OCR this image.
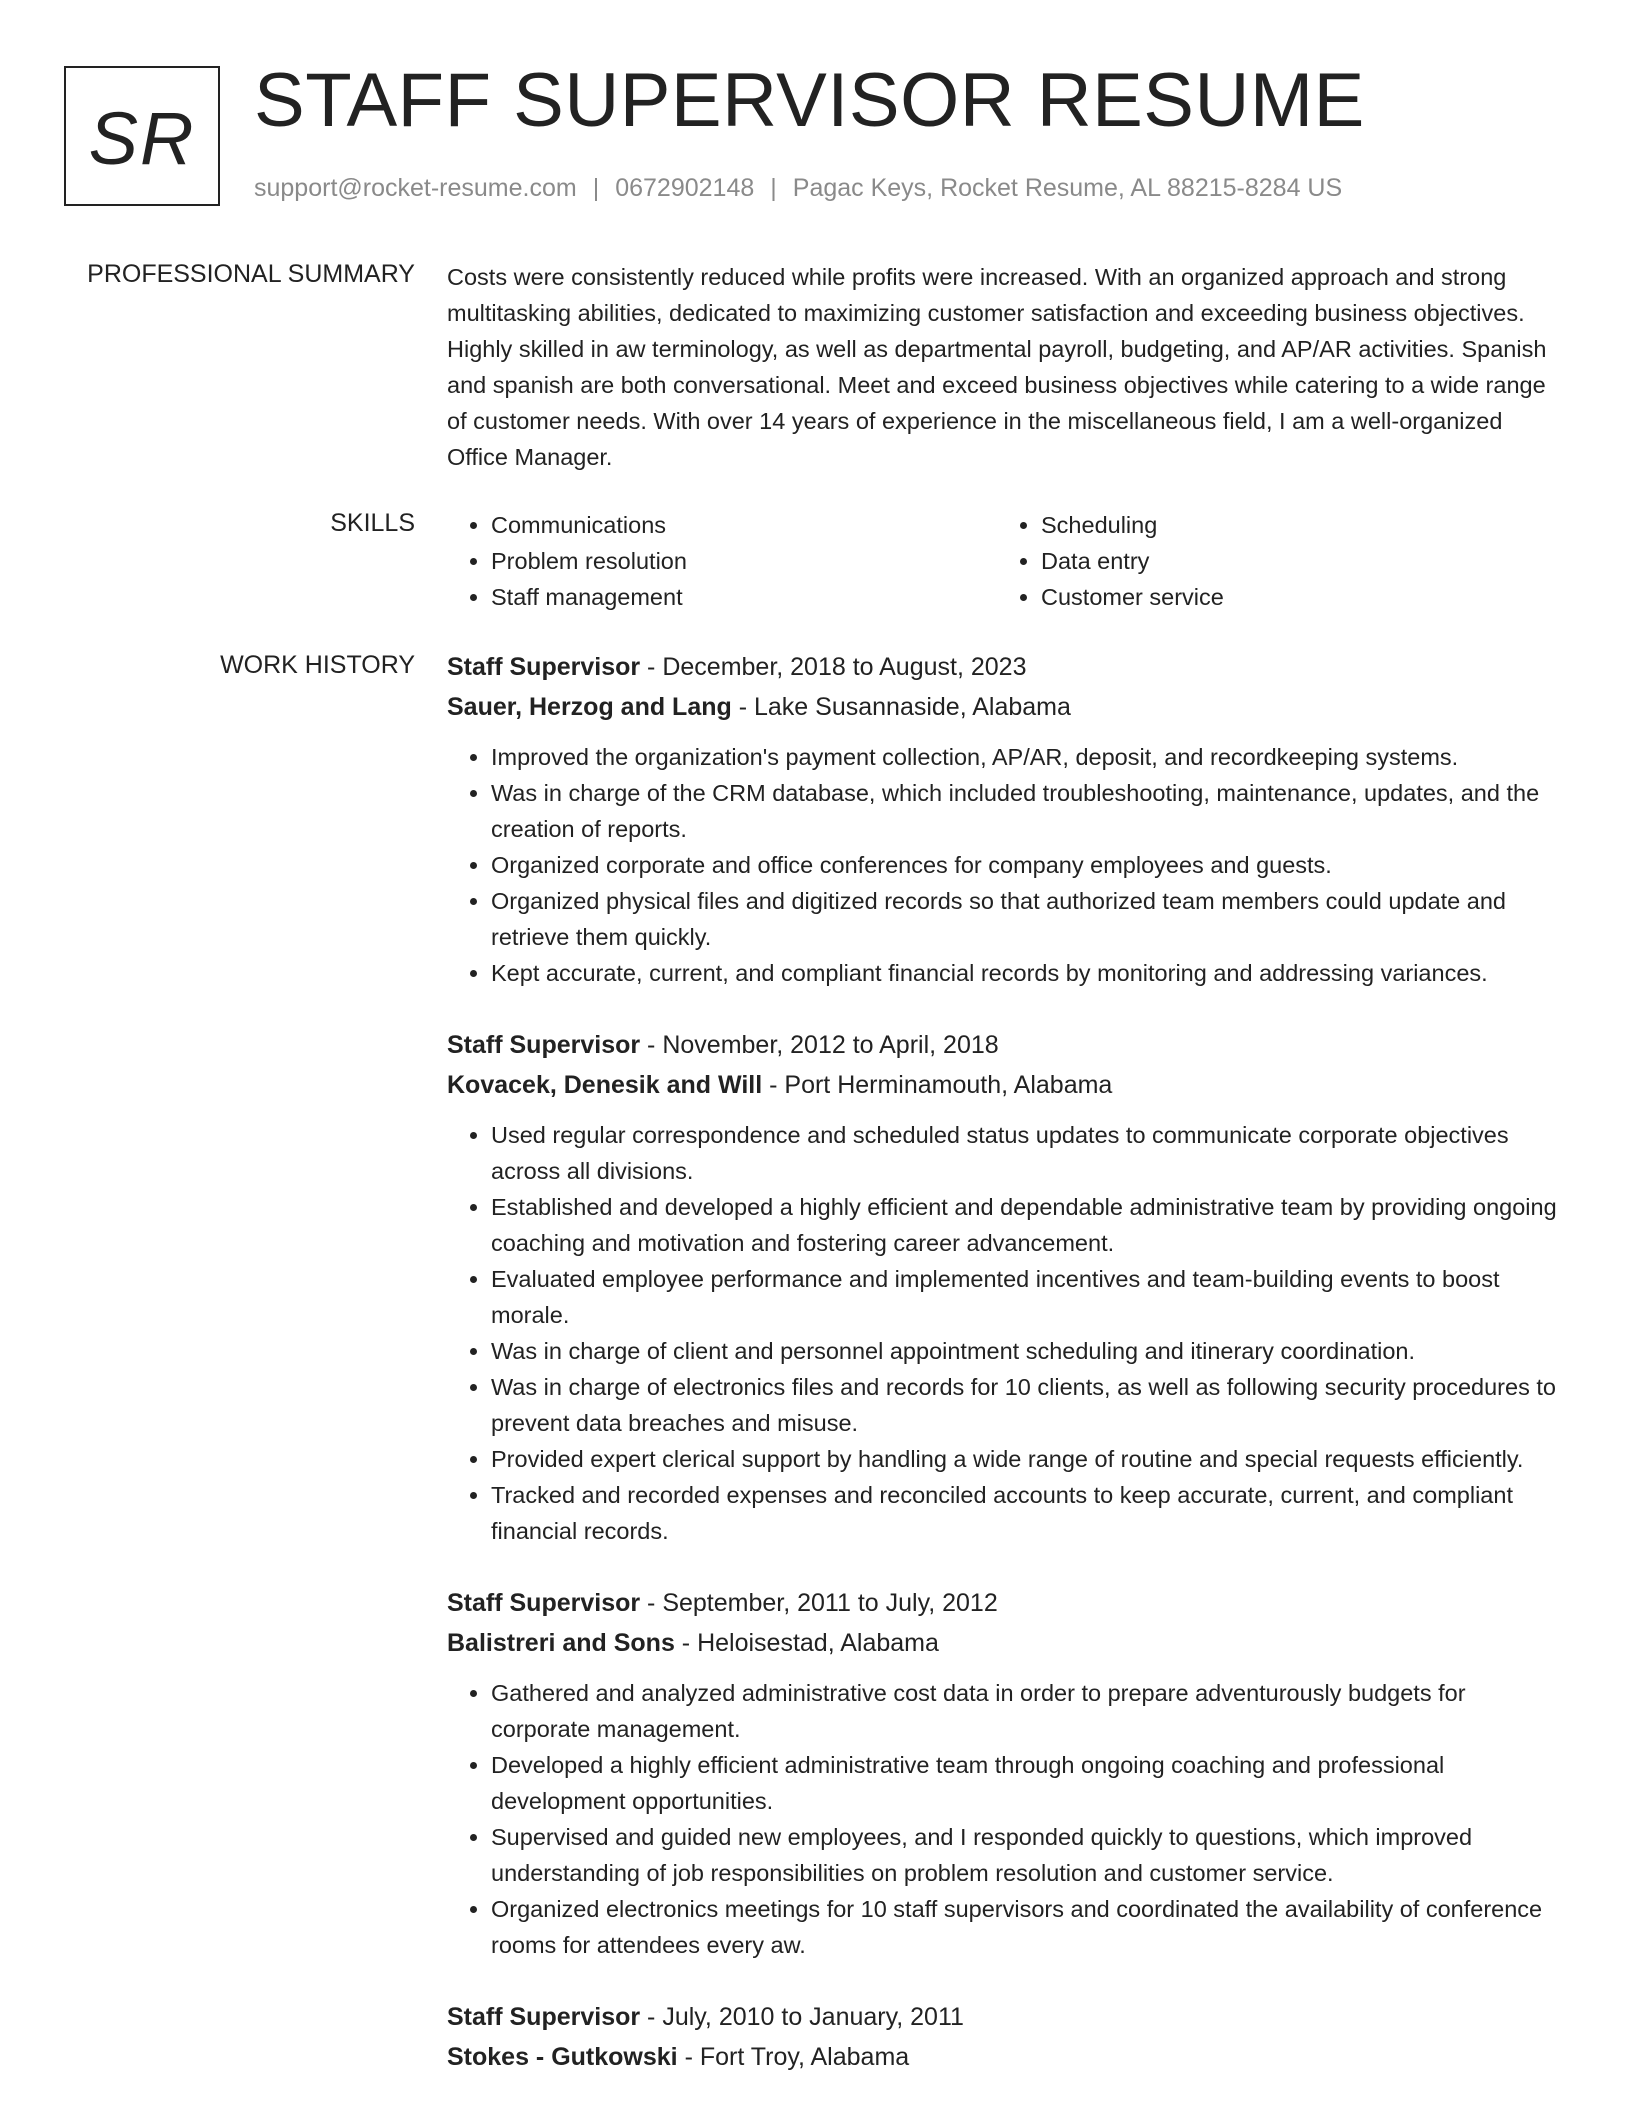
SR STAFF SUPERVISOR RESUME
support@rocket-resume.com | 0672902148 | Pagac Keys, Rocket Resume, AL 88215-8284 US
PROFESSIONAL SUMMARY Costs were consistently reduced while profits were increased. With an organized approach and strong multitasking abilities, dedicated to maximizing customer satisfaction and exceeding business objectives. Highly skilled in aw terminology, as well as departmental payroll, budgeting, and AP/AR activities. Spanish and spanish are both conversational. Meet and exceed business objectives while catering to a wide range of customer needs. With over 14 years of experience in the miscellaneous field, I am a well-organized Office Manager.

SKILLS
•	Communications
• Problem resolution
• Staff management
• Scheduling
• Data entry
• Customer service
WORK HISTORY Staff Supervisor - December, 2018 to August, 2023
Sauer, Herzog and Lang - Lake Susannaside, Alabama
• Improved the organization's payment collection, AP/AR, deposit, and recordkeeping systems.
• Was in charge of the CRM database, which included troubleshooting, maintenance, updates, and the creation of reports.
• Organized corporate and office conferences for company employees and guests.
• Organized physical files and digitized records so that authorized team members could update and retrieve them quickly.
• Kept accurate, current, and compliant financial records by monitoring and addressing variances.
Staff Supervisor - November, 2012 to April, 2018
Kovacek, Denesik and Will - Port Herminamouth, Alabama
• Used regular correspondence and scheduled status updates to communicate corporate objectives across all divisions.
• Established and developed a highly efficient and dependable administrative team by providing ongoing coaching and motivation and fostering career advancement.
• Evaluated employee performance and implemented incentives and team-building events to boost morale.
• Was in charge of client and personnel appointment scheduling and itinerary coordination.
• Was in charge of electronics files and records for 10 clients, as well as following security procedures to prevent data breaches and misuse.
• Provided expert clerical support by handling a wide range of routine and special requests efficiently.
• Tracked and recorded expenses and reconciled accounts to keep accurate, current, and compliant financial records.
Staff Supervisor - September, 2011 to July, 2012
Balistreri and Sons - Heloisestad, Alabama
• Gathered and analyzed administrative cost data in order to prepare adventurously budgets for corporate management.
• Developed a highly efficient administrative team through ongoing coaching and professional development opportunities.
• Supervised and guided new employees, and I responded quickly to questions, which improved understanding of job responsibilities on problem resolution and customer service.
• Organized electronics meetings for 10 staff supervisors and coordinated the availability of conference rooms for attendees every aw.
Staff Supervisor - July, 2010 to January, 2011
Stokes - Gutkowski - Fort Troy, Alabama
